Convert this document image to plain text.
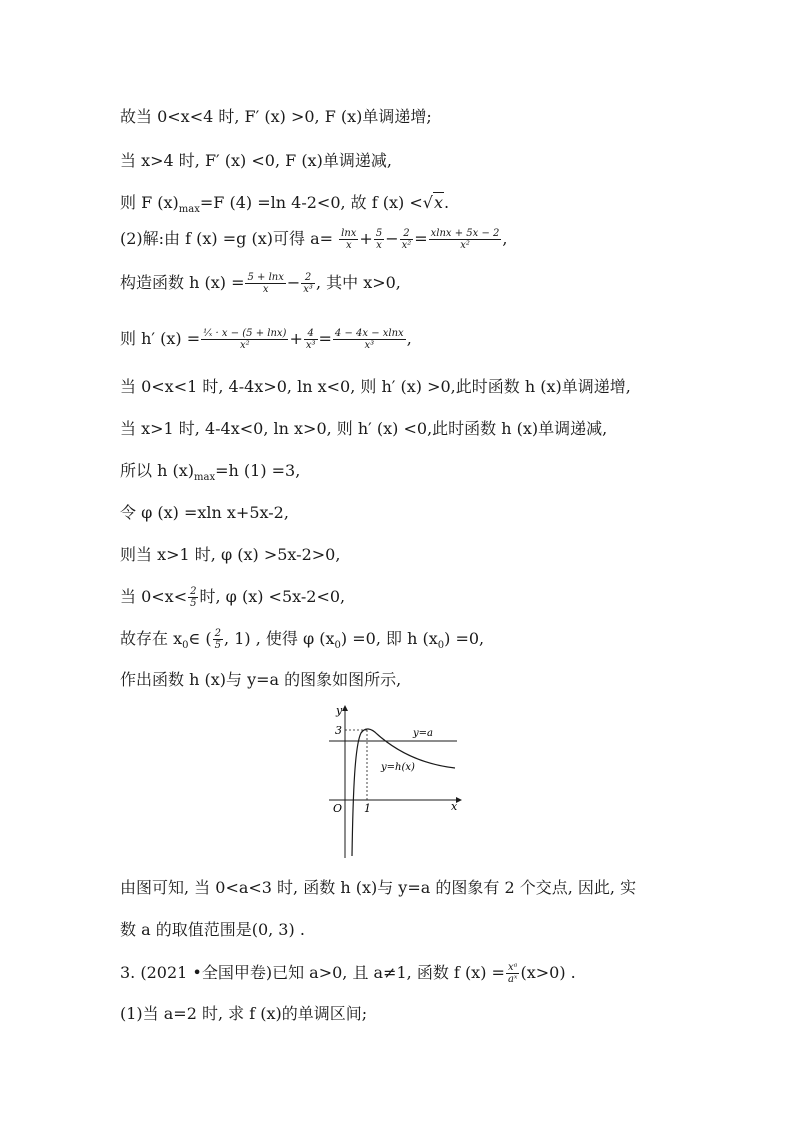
故当 0<x<4 时, F′ (x) >0, F (x)单调递增;
当 x>4 时, F′ (x) <0, F (x)单调递减,
则 F $(x)_{max}=F$ (4) =ln 4-2<0, 故 f (x) <√x.
(2)解:由 f (x) =g (x)可得 $a= \frac{\ln x}{x} + \frac{5}{x} - \frac{2}{\text{x²}} = \frac{xlnx + 5x - 2}{\text{x²}}$ ,
构造函数 h $(x) = \frac{5 + \ln x}{x} - \frac{2}{\text{x³}}$ , 其中 x>0,
则 h′ $(x) = \frac{\text{¹⁄ₓ · x − (5 + lnx)}}{\text{x²}} + \frac{4}{\text{x³}} = \frac{4 - 4x - xlnx}{\text{x³}}$ ,
当 0<x<1 时, 4-4x>0, ln x<0, 则 h′ (x) >0,此时函数 h (x)单调递增,
当 x>1 时, 4-4x<0, ln x>0, 则 h′ (x) <0,此时函数 h (x)单调递减,
所以 h $(x)_{max}=h$ (1) =3,
令 φ (x) =xln x+5x-2,
则当 x>1 时, φ (x) >5x-2>0,
当 $0<x< \frac{2}{5}$ 时, φ (x) <5x-2<0,
故存在 $x_0\in$ ( $\frac{2}{5}$ , 1) , 使得 φ $(x_0) =0$, 即 h $(x_0) =0$,
作出函数 h (x)与 y=a 的图象如图所示,
y
x
O
3
1
y=a
y=h(x)
由图可知, 当 0<a<3 时, 函数 h (x)与 y=a 的图象有 2 个交点, 因此, 实
数 a 的取值范围是(0, 3) .
3. (2021 •全国甲卷)已知 a>0, 且 a≠1, 函数 f $(x) = \frac{\text{xᵃ}}{\text{aˣ}} (x>0)$ .
(1)当 a=2 时, 求 f (x)的单调区间;
